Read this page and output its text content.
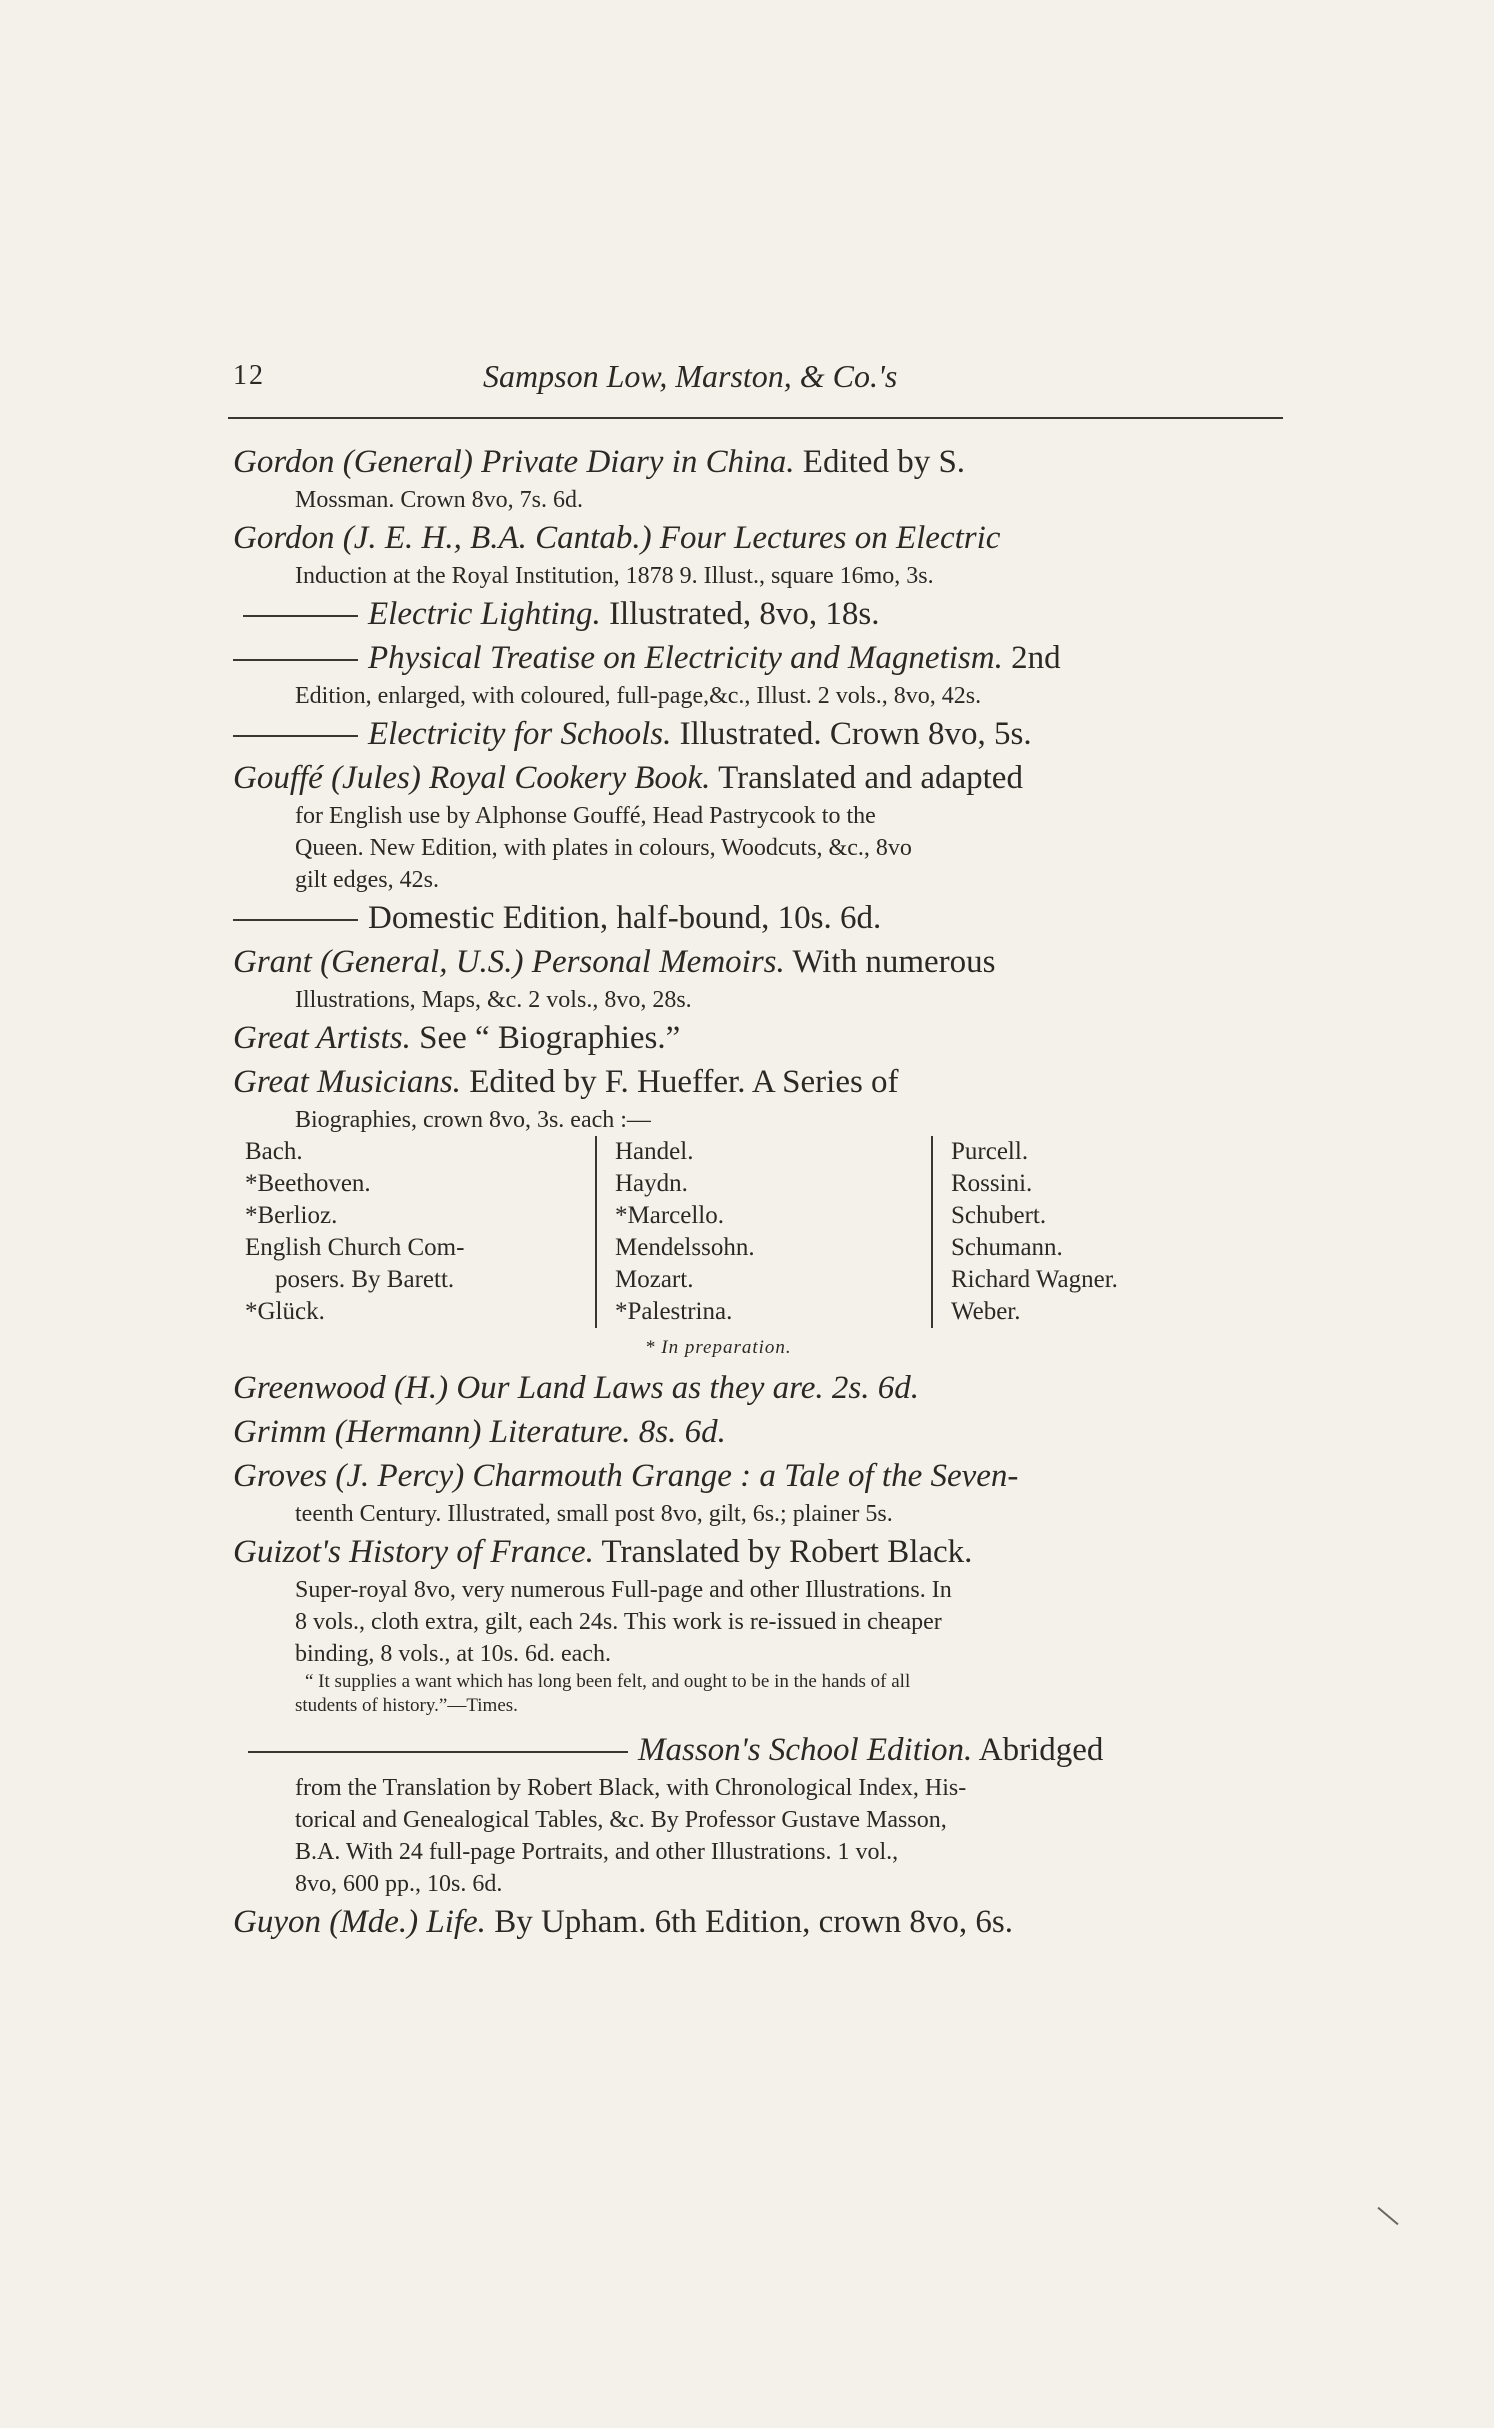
12	Sampson Low, Marston, & Co.'s
Gordon (General) Private Diary in China. Edited by S.
Mossman. Crown 8vo, 7s. 6d.
Gordon (J. E. H., B.A. Cantab.) Four Lectures on Electric
Induction at the Royal Institution, 1878 9. Illust., square 16mo, 3s.
Electric Lighting. Illustrated, 8vo, 18s.
Physical Treatise on Electricity and Magnetism. 2nd
Edition, enlarged, with coloured, full-page,&c., Illust. 2 vols., 8vo, 42s.
Electricity for Schools. Illustrated. Crown 8vo, 5s.
Gouffé (Jules) Royal Cookery Book. Translated and adapted
for English use by Alphonse Gouffé, Head Pastrycook to the
Queen. New Edition, with plates in colours, Woodcuts, &c., 8vo
gilt edges, 42s.
Domestic Edition, half-bound, 10s. 6d.
Grant (General, U.S.) Personal Memoirs. With numerous
Illustrations, Maps, &c. 2 vols., 8vo, 28s.
Great Artists. See “ Biographies.”
Great Musicians. Edited by F. Hueffer. A Series of
Biographies, crown 8vo, 3s. each :—
Bach.
*Beethoven.
*Berlioz.
English Church Com-
posers. By Barett.
*Glück.
Handel.
Haydn.
*Marcello.
Mendelssohn.
Mozart.
*Palestrina.
Purcell.
Rossini.
Schubert.
Schumann.
Richard Wagner.
Weber.
* In preparation.
Greenwood (H.) Our Land Laws as they are. 2s. 6d.
Grimm (Hermann) Literature. 8s. 6d.
Groves (J. Percy) Charmouth Grange : a Tale of the Seven-
teenth Century. Illustrated, small post 8vo, gilt, 6s.; plainer 5s.
Guizot's History of France. Translated by Robert Black.
Super-royal 8vo, very numerous Full-page and other Illustrations. In
8 vols., cloth extra, gilt, each 24s. This work is re-issued in cheaper
binding, 8 vols., at 10s. 6d. each.
“ It supplies a want which has long been felt, and ought to be in the hands of all
students of history.”—Times.
Masson's School Edition. Abridged
from the Translation by Robert Black, with Chronological Index, His-
torical and Genealogical Tables, &c. By Professor Gustave Masson,
B.A. With 24 full-page Portraits, and other Illustrations. 1 vol.,
8vo, 600 pp., 10s. 6d.
Guyon (Mde.) Life. By Upham. 6th Edition, crown 8vo, 6s.
